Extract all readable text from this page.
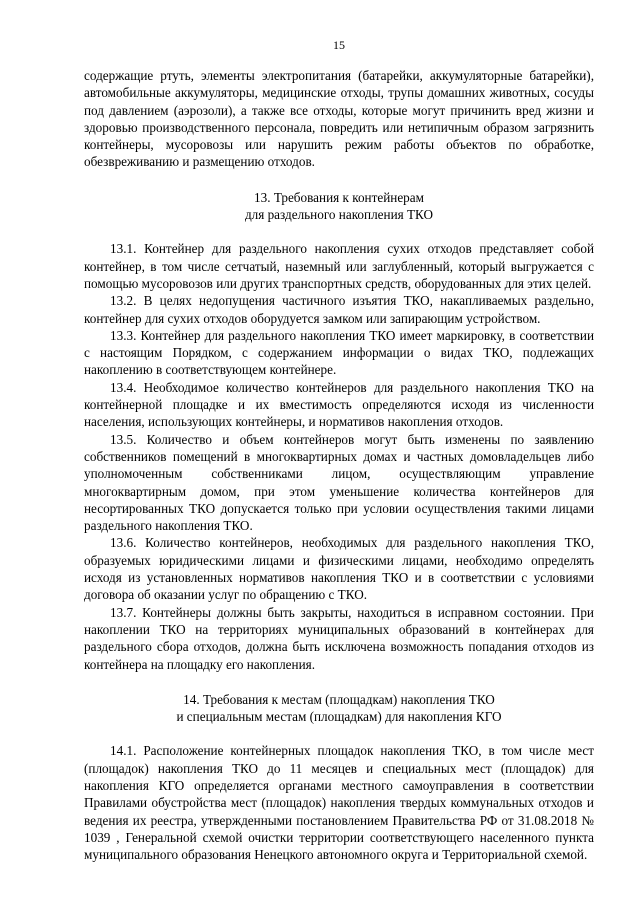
15

содержащие ртуть, элементы электропитания (батарейки, аккумуляторные батарейки), автомобильные аккумуляторы, медицинские отходы, трупы домашних животных, сосуды под давлением (аэрозоли), а также все отходы, которые могут причинить вред жизни и здоровью производственного персонала, повредить или нетипичным образом загрязнить контейнеры, мусоровозы или нарушить режим работы объектов по обработке, обезвреживанию и размещению отходов.

13. Требования к контейнерам
для раздельного накопления ТКО

13.1. Контейнер для раздельного накопления сухих отходов представляет собой контейнер, в том числе сетчатый, наземный или заглубленный, который выгружается с помощью мусоровозов или других транспортных средств, оборудованных для этих целей.

13.2. В целях недопущения частичного изъятия ТКО, накапливаемых раздельно, контейнер для сухих отходов оборудуется замком или запирающим устройством.

13.3. Контейнер для раздельного накопления ТКО имеет маркировку, в соответствии с настоящим Порядком, с содержанием информации о видах ТКО, подлежащих накоплению в соответствующем контейнере.

13.4. Необходимое количество контейнеров для раздельного накопления ТКО на контейнерной площадке и их вместимость определяются исходя из численности населения, использующих контейнеры, и нормативов накопления отходов.

13.5. Количество и объем контейнеров могут быть изменены по заявлению собственников помещений в многоквартирных домах и частных домовладельцев либо уполномоченным собственниками лицом, осуществляющим управление многоквартирным домом, при этом уменьшение количества контейнеров для несортированных ТКО допускается только при условии осуществления такими лицами раздельного накопления ТКО.

13.6. Количество контейнеров, необходимых для раздельного накопления ТКО, образуемых юридическими лицами и физическими лицами, необходимо определять исходя из установленных нормативов накопления ТКО и в соответствии с условиями договора об оказании услуг по обращению с ТКО.

13.7. Контейнеры должны быть закрыты, находиться в исправном состоянии. При накоплении ТКО на территориях муниципальных образований в контейнерах для раздельного сбора отходов, должна быть исключена возможность попадания отходов из контейнера на площадку его накопления.

14. Требования к местам (площадкам) накопления ТКО
и специальным местам (площадкам) для накопления КГО

14.1. Расположение контейнерных площадок накопления ТКО, в том числе мест (площадок) накопления ТКО до 11 месяцев и специальных мест (площадок) для накопления КГО определяется органами местного самоуправления в соответствии Правилами обустройства мест (площадок) накопления твердых коммунальных отходов и ведения их реестра, утвержденными постановлением Правительства РФ от 31.08.2018 № 1039 , Генеральной схемой очистки территории соответствующего населенного пункта муниципального образования Ненецкого автономного округа и Территориальной схемой.
